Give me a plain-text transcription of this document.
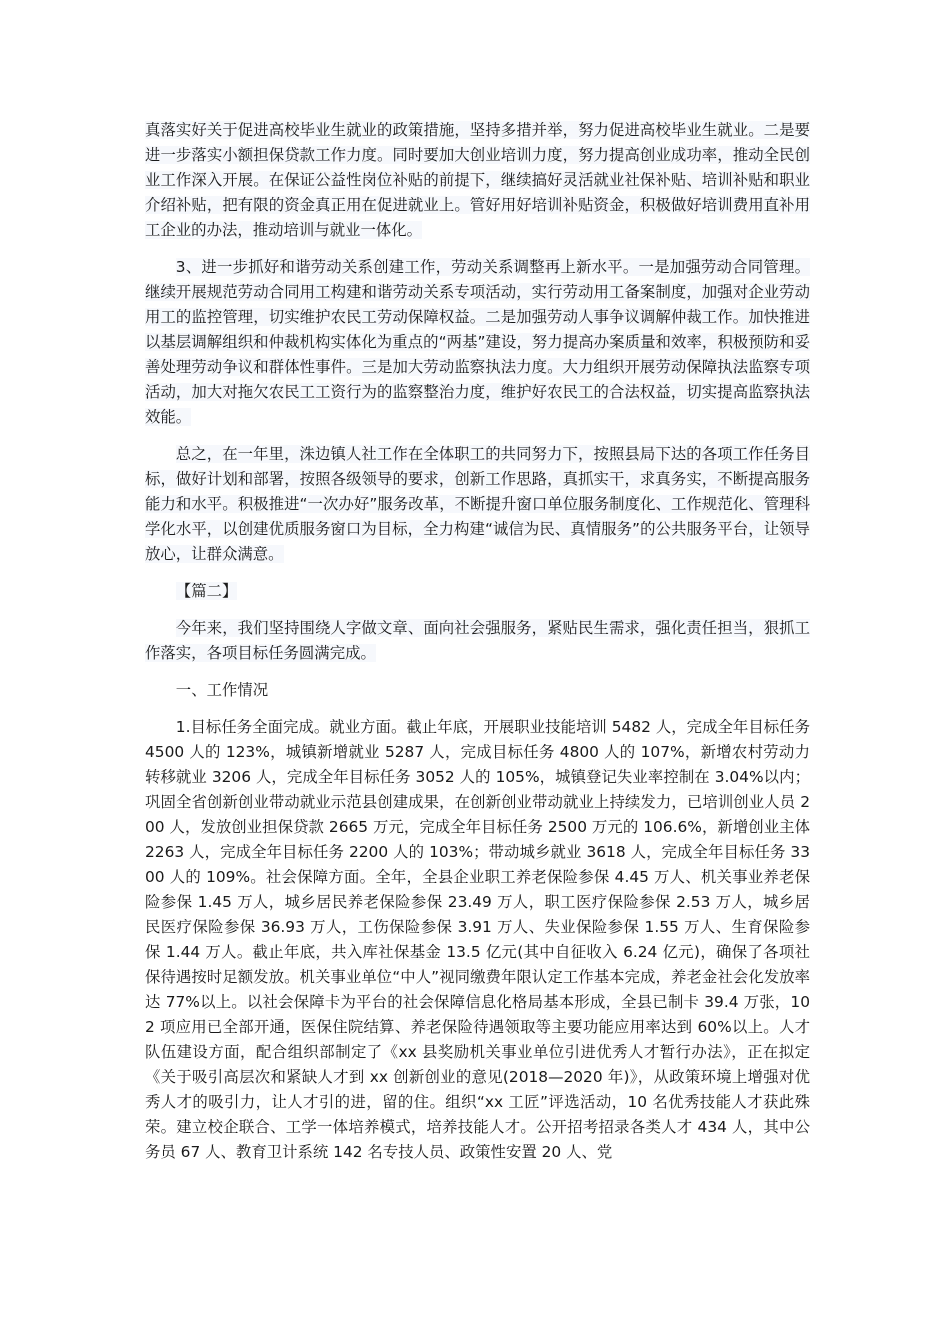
真落实好关于促进高校毕业生就业的政策措施，坚持多措并举，努力促进高校毕业生就业。二是要进一步落实小额担保贷款工作力度。同时要加大创业培训力度，努力提高创业成功率，推动全民创业工作深入开展。在保证公益性岗位补贴的前提下，继续搞好灵活就业社保补贴、培训补贴和职业介绍补贴，把有限的资金真正用在促进就业上。管好用好培训补贴资金，积极做好培训费用直补用工企业的办法，推动培训与就业一体化。

3、进一步抓好和谐劳动关系创建工作，劳动关系调整再上新水平。一是加强劳动合同管理。继续开展规范劳动合同用工构建和谐劳动关系专项活动，实行劳动用工备案制度，加强对企业劳动用工的监控管理，切实维护农民工劳动保障权益。二是加强劳动人事争议调解仲裁工作。加快推进以基层调解组织和仲裁机构实体化为重点的“两基”建设，努力提高办案质量和效率，积极预防和妥善处理劳动争议和群体性事件。三是加大劳动监察执法力度。大力组织开展劳动保障执法监察专项活动，加大对拖欠农民工工资行为的监察整治力度，维护好农民工的合法权益，切实提高监察执法效能。

总之，在一年里，洙边镇人社工作在全体职工的共同努力下，按照县局下达的各项工作任务目标，做好计划和部署，按照各级领导的要求，创新工作思路，真抓实干，求真务实，不断提高服务能力和水平。积极推进“一次办好”服务改革，不断提升窗口单位服务制度化、工作规范化、管理科学化水平，以创建优质服务窗口为目标，全力构建“诚信为民、真情服务”的公共服务平台，让领导放心，让群众满意。

【篇二】

今年来，我们坚持围绕人字做文章、面向社会强服务，紧贴民生需求，强化责任担当，狠抓工作落实，各项目标任务圆满完成。

一、工作情况

1.目标任务全面完成。就业方面。截止年底，开展职业技能培训 5482 人，完成全年目标任务 4500 人的 123%，城镇新增就业 5287 人，完成目标任务 4800 人的 107%，新增农村劳动力转移就业 3206 人，完成全年目标任务 3052 人的 105%，城镇登记失业率控制在 3.04%以内；巩固全省创新创业带动就业示范县创建成果，在创新创业带动就业上持续发力，已培训创业人员 200 人，发放创业担保贷款 2665 万元，完成全年目标任务 2500 万元的 106.6%，新增创业主体 2263 人，完成全年目标任务 2200 人的 103%；带动城乡就业 3618 人，完成全年目标任务 3300 人的 109%。社会保障方面。全年，全县企业职工养老保险参保 4.45 万人、机关事业养老保险参保 1.45 万人，城乡居民养老保险参保 23.49 万人，职工医疗保险参保 2.53 万人，城乡居民医疗保险参保 36.93 万人，工伤保险参保 3.91 万人、失业保险参保 1.55 万人、生育保险参保 1.44 万人。截止年底，共入库社保基金 13.5 亿元(其中自征收入 6.24 亿元)，确保了各项社保待遇按时足额发放。机关事业单位“中人”视同缴费年限认定工作基本完成，养老金社会化发放率达 77%以上。以社会保障卡为平台的社会保障信息化格局基本形成，全县已制卡 39.4 万张，102 项应用已全部开通，医保住院结算、养老保险待遇领取等主要功能应用率达到 60%以上。人才队伍建设方面，配合组织部制定了《xx 县奖励机关事业单位引进优秀人才暂行办法》，正在拟定《关于吸引高层次和紧缺人才到 xx 创新创业的意见(2018—2020 年)》，从政策环境上增强对优秀人才的吸引力，让人才引的进，留的住。组织“xx 工匠”评选活动，10 名优秀技能人才获此殊荣。建立校企联合、工学一体培养模式，培养技能人才。公开招考招录各类人才 434 人，其中公务员 67 人、教育卫计系统 142 名专技人员、政策性安置 20 人、党
